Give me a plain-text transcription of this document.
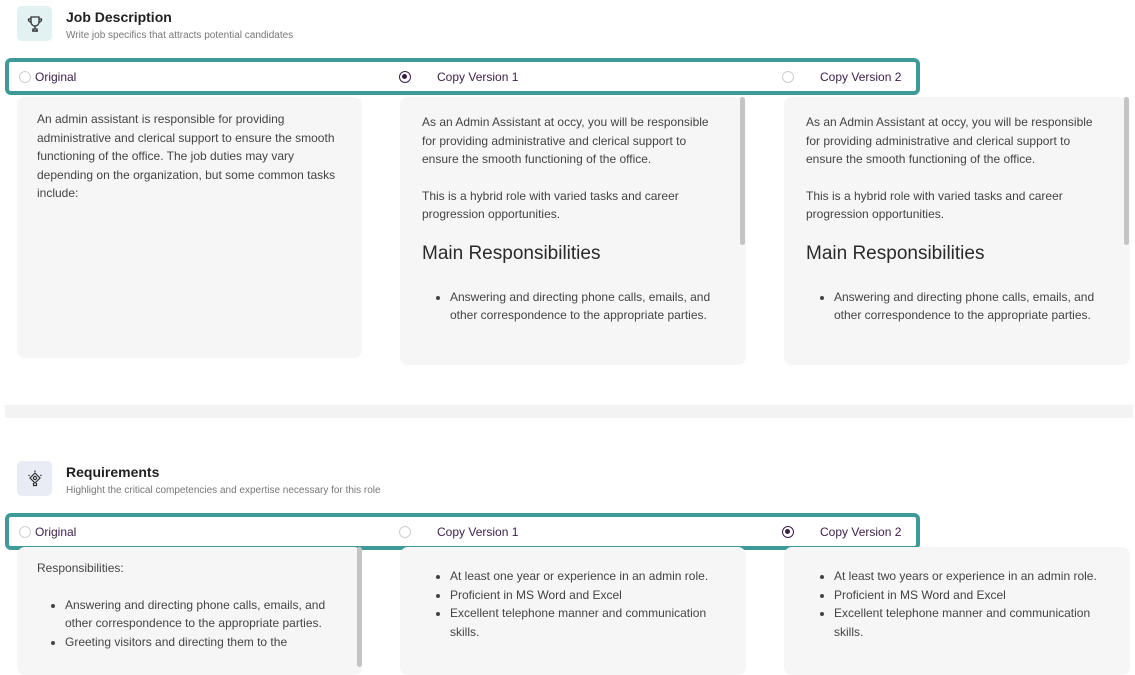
Job Description
Write job specifics that attracts potential candidates
Original	Copy Version 1	Copy Version 2

An admin assistant is responsible for providing administrative and clerical support to ensure the smooth functioning of the office. The job duties may vary depending on the organization, but some common tasks include:

As an Admin Assistant at occy, you will be responsible for providing administrative and clerical support to ensure the smooth functioning of the office.

This is a hybrid role with varied tasks and career progression opportunities.

Main Responsibilities
• Answering and directing phone calls, emails, and other correspondence to the appropriate parties.

As an Admin Assistant at occy, you will be responsible for providing administrative and clerical support to ensure the smooth functioning of the office.

This is a hybrid role with varied tasks and career progression opportunities.

Main Responsibilities
• Answering and directing phone calls, emails, and other correspondence to the appropriate parties.
Requirements
Highlight the critical competencies and expertise necessary for this role
Original	Copy Version 1	Copy Version 2

Responsibilities:

• Answering and directing phone calls, emails, and other correspondence to the appropriate parties.
• Greeting visitors and directing them to the
• At least one year or experience in an admin role.
• Proficient in MS Word and Excel
• Excellent telephone manner and communication skills.
• At least two years or experience in an admin role.
• Proficient in MS Word and Excel
• Excellent telephone manner and communication skills.
